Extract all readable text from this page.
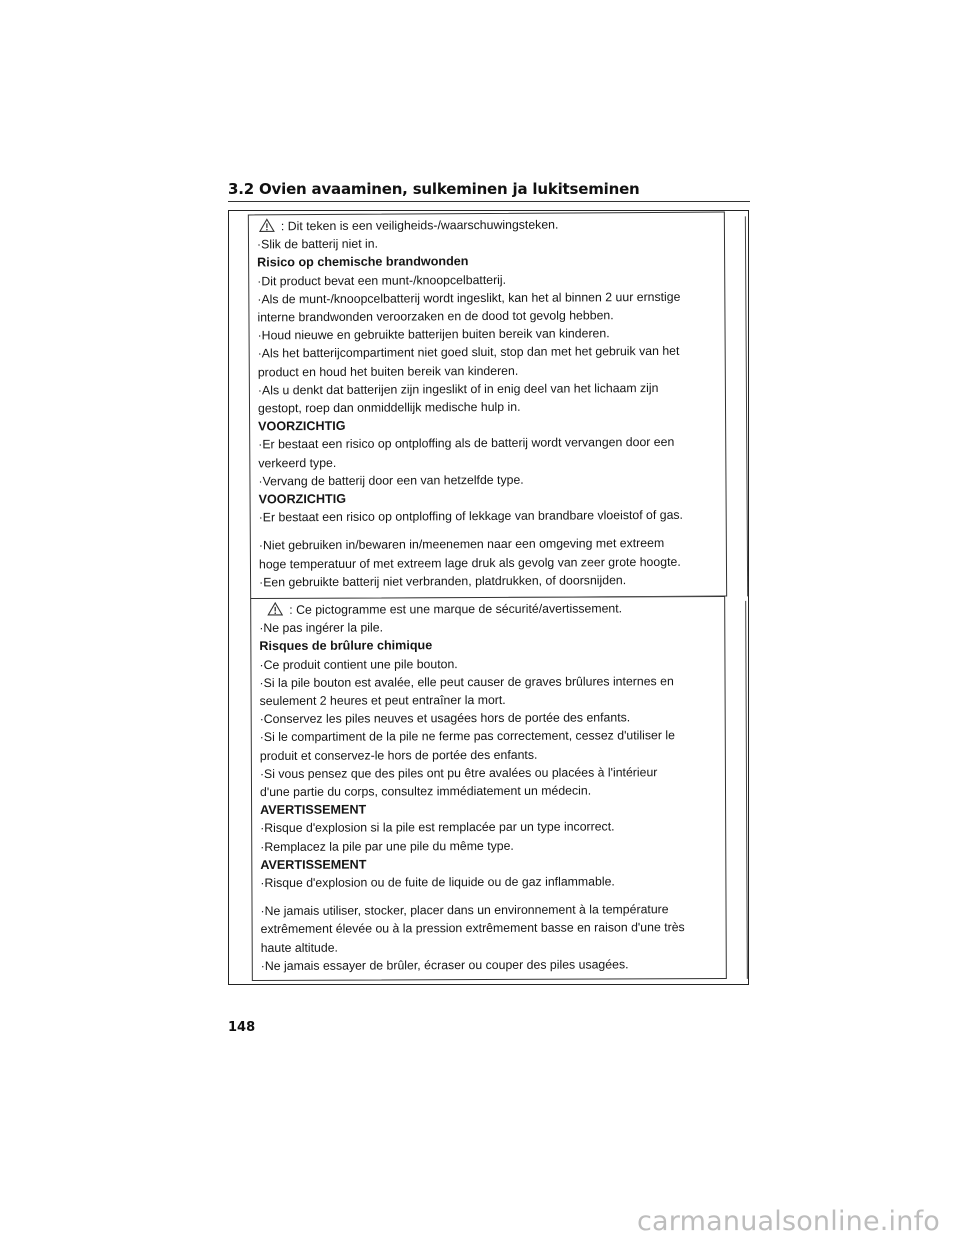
3.2 Ovien avaaminen, sulkeminen ja lukitseminen
: Dit teken is een veiligheids-/waarschuwingsteken.
·Slik de batterij niet in.
Risico op chemische brandwonden
·Dit product bevat een munt-/knoopcelbatterij.
·Als de munt-/knoopcelbatterij wordt ingeslikt, kan het al binnen 2 uur ernstige
interne brandwonden veroorzaken en de dood tot gevolg hebben.
·Houd nieuwe en gebruikte batterijen buiten bereik van kinderen.
·Als het batterijcompartiment niet goed sluit, stop dan met het gebruik van het
product en houd het buiten bereik van kinderen.
·Als u denkt dat batterijen zijn ingeslikt of in enig deel van het lichaam zijn
gestopt, roep dan onmiddellijk medische hulp in.
VOORZICHTIG
·Er bestaat een risico op ontploffing als de batterij wordt vervangen door een
verkeerd type.
·Vervang de batterij door een van hetzelfde type.
VOORZICHTIG
·Er bestaat een risico op ontploffing of lekkage van brandbare vloeistof of gas.
·Niet gebruiken in/bewaren in/meenemen naar een omgeving met extreem
hoge temperatuur of met extreem lage druk als gevolg van zeer grote hoogte.
·Een gebruikte batterij niet verbranden, platdrukken, of doorsnijden.
: Ce pictogramme est une marque de sécurité/avertissement.
·Ne pas ingérer la pile.
Risques de brûlure chimique
·Ce produit contient une pile bouton.
·Si la pile bouton est avalée, elle peut causer de graves brûlures internes en
seulement 2 heures et peut entraîner la mort.
·Conservez les piles neuves et usagées hors de portée des enfants.
·Si le compartiment de la pile ne ferme pas correctement, cessez d'utiliser le
produit et conservez-le hors de portée des enfants.
·Si vous pensez que des piles ont pu être avalées ou placées à l'intérieur
d'une partie du corps, consultez immédiatement un médecin.
AVERTISSEMENT
·Risque d'explosion si la pile est remplacée par un type incorrect.
·Remplacez la pile par une pile du même type.
AVERTISSEMENT
·Risque d'explosion ou de fuite de liquide ou de gaz inflammable.
·Ne jamais utiliser, stocker, placer dans un environnement à la température
extrêmement élevée ou à la pression extrêmement basse en raison d'une très
haute altitude.
·Ne jamais essayer de brûler, écraser ou couper des piles usagées.
148
carmanualsonline.info
